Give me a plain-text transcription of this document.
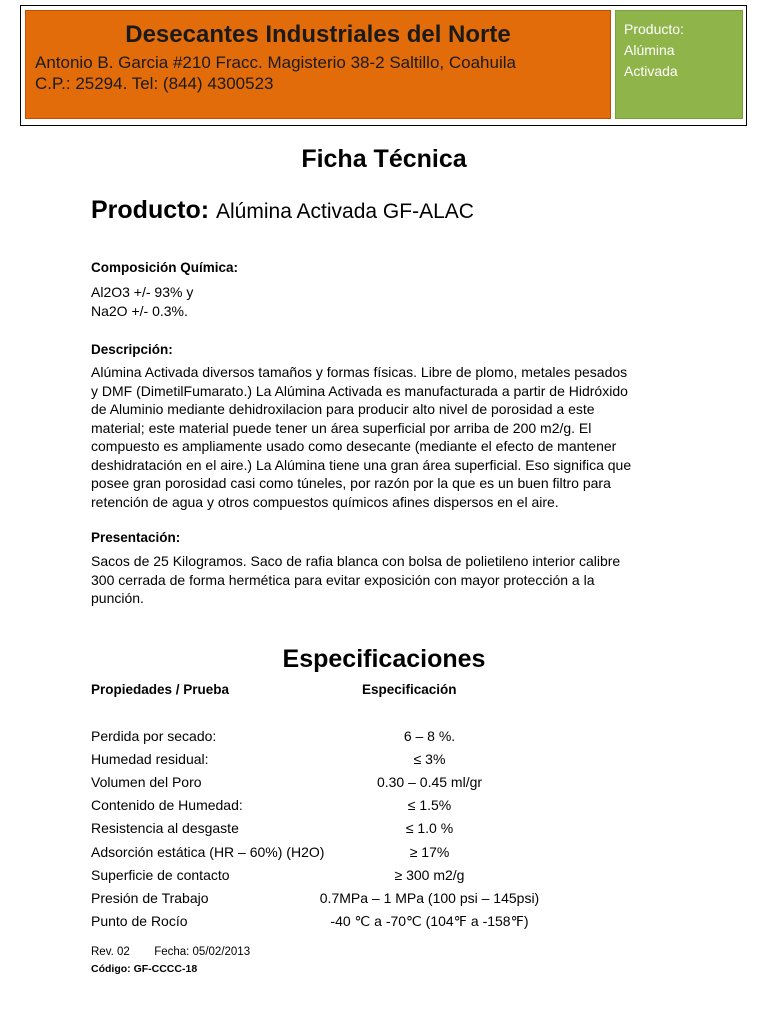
Desecantes Industriales del Norte
Antonio B. Garcia #210 Fracc. Magisterio 38-2 Saltillo, Coahuila
C.P.: 25294. Tel: (844) 4300523
Producto:
Alúmina
Activada
Ficha Técnica
Producto: Alúmina Activada GF-ALAC
Composición Química:
Al2O3 +/- 93% y
Na2O +/- 0.3%.
Descripción:
Alúmina Activada diversos tamaños y formas físicas. Libre de plomo, metales pesados
y DMF (DimetilFumarato.) La Alúmina Activada es manufacturada a partir de Hidróxido
de Aluminio mediante dehidroxilacion para producir alto nivel de porosidad a este
material; este material puede tener un área superficial por arriba de 200 m2/g. El
compuesto es ampliamente usado como desecante (mediante el efecto de mantener
deshidratación en el aire.) La Alúmina tiene una gran área superficial. Eso significa que
posee gran porosidad casi como túneles, por razón por la que es un buen filtro para
retención de agua y otros compuestos químicos afines dispersos en el aire.
Presentación:
Sacos de 25 Kilogramos. Saco de rafia blanca con bolsa de polietileno interior calibre
300 cerrada de forma hermética para evitar exposición con mayor protección a la
punción.
Especificaciones
Propiedades / Prueba	Especificación
Perdida por secado:	6 – 8 %.
Humedad residual:	≤ 3%
Volumen del Poro	0.30 – 0.45 ml/gr
Contenido de Humedad:	≤ 1.5%
Resistencia al desgaste	≤ 1.0 %
Adsorción estática (HR – 60%) (H2O)	≥ 17%
Superficie de contacto	≥ 300 m2/g
Presión de Trabajo	0.7MPa – 1 MPa (100 psi – 145psi)
Punto de Rocío	-40 ℃ a -70℃ (104℉ a -158℉)
Rev. 02 Fecha: 05/02/2013
Código: GF-CCCC-18
